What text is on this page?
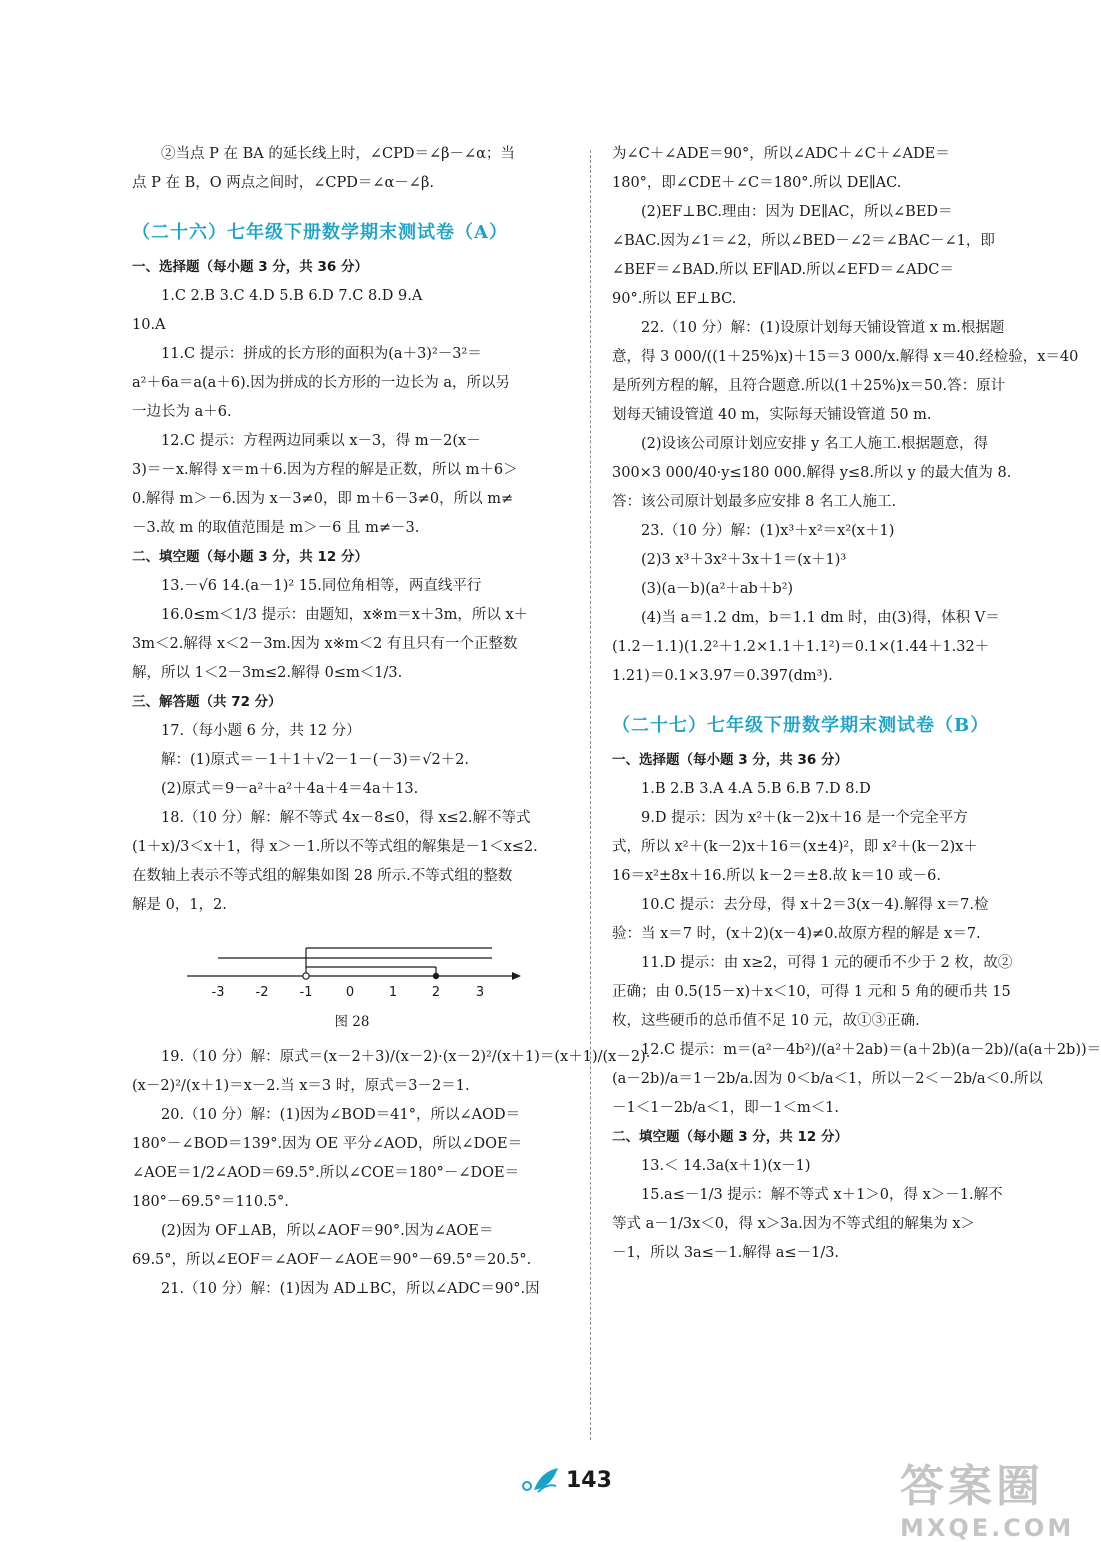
②当点 P 在 BA 的延长线上时，∠CPD＝∠β－∠α；当
点 P 在 B，O 两点之间时，∠CPD＝∠α－∠β.
（二十六）七年级下册数学期末测试卷（A）
一、选择题（每小题 3 分，共 36 分）
1.C 2.B 3.C 4.D 5.B 6.D 7.C 8.D 9.A
10.A
11.C 提示：拼成的长方形的面积为(a＋3)²－3²＝
a²＋6a＝a(a＋6).因为拼成的长方形的一边长为 a，所以另
一边长为 a＋6.
12.C 提示：方程两边同乘以 x－3，得 m－2(x－
3)＝－x.解得 x＝m＋6.因为方程的解是正数，所以 m＋6＞
0.解得 m＞－6.因为 x－3≠0，即 m＋6－3≠0，所以 m≠
－3.故 m 的取值范围是 m＞－6 且 m≠－3.
二、填空题（每小题 3 分，共 12 分）
13.－√6 14.(a－1)² 15.同位角相等，两直线平行
16.0≤m＜1/3 提示：由题知，x※m＝x＋3m，所以 x＋
3m＜2.解得 x＜2－3m.因为 x※m＜2 有且只有一个正整数
解，所以 1＜2－3m≤2.解得 0≤m＜1/3.
三、解答题（共 72 分）
17.（每小题 6 分，共 12 分）
解：(1)原式＝－1＋1＋√2－1－(－3)＝√2＋2.
(2)原式＝9－a²＋a²＋4a＋4＝4a＋13.
18.（10 分）解：解不等式 4x－8≤0，得 x≤2.解不等式
(1＋x)/3＜x＋1，得 x＞－1.所以不等式组的解集是－1＜x≤2.
在数轴上表示不等式组的解集如图 28 所示.不等式组的整数
解是 0，1，2.
-3 -2 -1	0	1	2	3
图 28
19.（10 分）解：原式＝(x－2＋3)/(x－2)·(x－2)²/(x＋1)＝(x＋1)/(x－2)·
(x－2)²/(x＋1)＝x－2.当 x＝3 时，原式＝3－2＝1.
20.（10 分）解：(1)因为∠BOD＝41°，所以∠AOD＝
180°－∠BOD＝139°.因为 OE 平分∠AOD，所以∠DOE＝
∠AOE＝1/2∠AOD＝69.5°.所以∠COE＝180°－∠DOE＝
180°－69.5°＝110.5°.
(2)因为 OF⊥AB，所以∠AOF＝90°.因为∠AOE＝
69.5°，所以∠EOF＝∠AOF－∠AOE＝90°－69.5°＝20.5°.
21.（10 分）解：(1)因为 AD⊥BC，所以∠ADC＝90°.因
为∠C＋∠ADE＝90°，所以∠ADC＋∠C＋∠ADE＝
180°，即∠CDE＋∠C＝180°.所以 DE∥AC.
(2)EF⊥BC.理由：因为 DE∥AC，所以∠BED＝
∠BAC.因为∠1＝∠2，所以∠BED－∠2＝∠BAC－∠1，即
∠BEF＝∠BAD.所以 EF∥AD.所以∠EFD＝∠ADC＝
90°.所以 EF⊥BC.
22.（10 分）解：(1)设原计划每天铺设管道 x m.根据题
意，得 3 000/((1＋25%)x)＋15＝3 000/x.解得 x＝40.经检验，x＝40
是所列方程的解，且符合题意.所以(1＋25%)x＝50.答：原计
划每天铺设管道 40 m，实际每天铺设管道 50 m.
(2)设该公司原计划应安排 y 名工人施工.根据题意，得
300×3 000/40·y≤180 000.解得 y≤8.所以 y 的最大值为 8.
答：该公司原计划最多应安排 8 名工人施工.
23.（10 分）解：(1)x³＋x²＝x²(x＋1)
(2)3 x³＋3x²＋3x＋1＝(x＋1)³
(3)(a－b)(a²＋ab＋b²)
(4)当 a＝1.2 dm，b＝1.1 dm 时，由(3)得，体积 V＝
(1.2－1.1)(1.2²＋1.2×1.1＋1.1²)＝0.1×(1.44＋1.32＋
1.21)＝0.1×3.97＝0.397(dm³).
（二十七）七年级下册数学期末测试卷（B）
一、选择题（每小题 3 分，共 36 分）
1.B 2.B 3.A 4.A 5.B 6.B 7.D 8.D
9.D 提示：因为 x²＋(k－2)x＋16 是一个完全平方
式，所以 x²＋(k－2)x＋16＝(x±4)²，即 x²＋(k－2)x＋
16＝x²±8x＋16.所以 k－2＝±8.故 k＝10 或－6.
10.C 提示：去分母，得 x＋2＝3(x－4).解得 x＝7.检
验：当 x＝7 时，(x＋2)(x－4)≠0.故原方程的解是 x＝7.
11.D 提示：由 x≥2，可得 1 元的硬币不少于 2 枚，故②
正确；由 0.5(15－x)＋x＜10，可得 1 元和 5 角的硬币共 15
枚，这些硬币的总币值不足 10 元，故①③正确.
12.C 提示：m＝(a²－4b²)/(a²＋2ab)＝(a＋2b)(a－2b)/(a(a＋2b))＝
(a－2b)/a＝1－2b/a.因为 0＜b/a＜1，所以－2＜－2b/a＜0.所以
－1＜1－2b/a＜1，即－1＜m＜1.
二、填空题（每小题 3 分，共 12 分）
13.＜ 14.3a(x＋1)(x－1)
15.a≤－1/3 提示：解不等式 x＋1＞0，得 x＞－1.解不
等式 a－1/3x＜0，得 x＞3a.因为不等式组的解集为 x＞
－1，所以 3a≤－1.解得 a≤－1/3.
143	答案圈
MXQE.COM
